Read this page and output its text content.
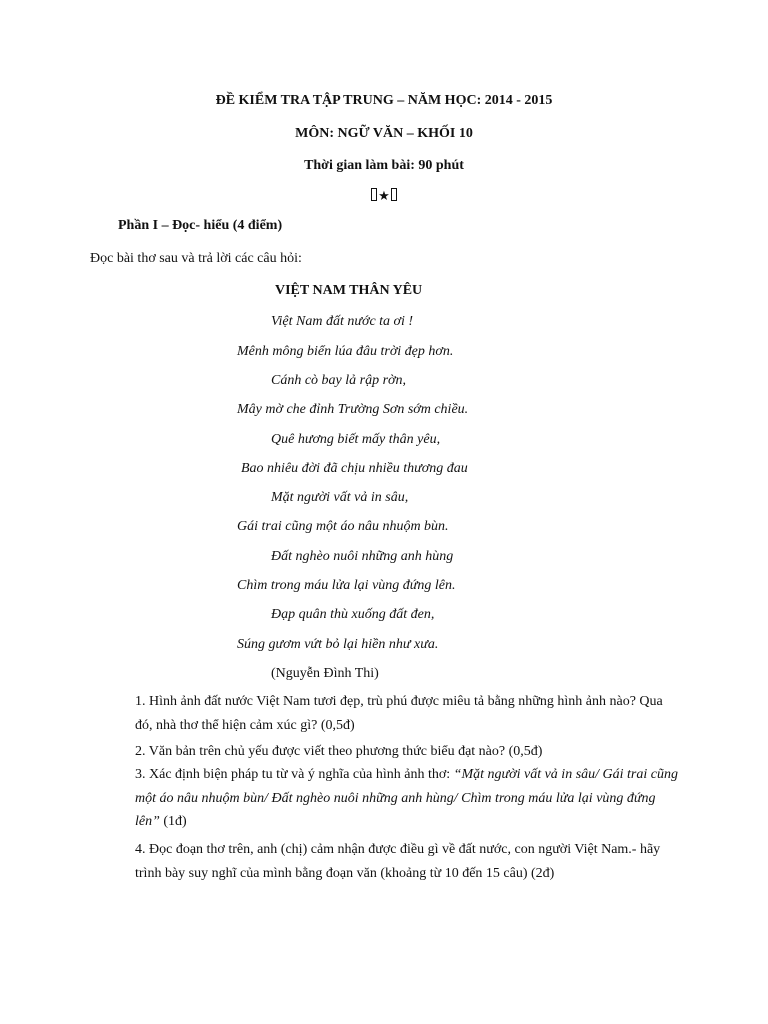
ĐỀ KIỂM TRA TẬP TRUNG – NĂM HỌC: 2014 - 2015
MÔN: NGỮ VĂN – KHỐI 10
Thời gian làm bài: 90 phút
★
Phần I – Đọc- hiểu (4 điểm)
Đọc bài thơ sau và trả lời các câu hỏi:
VIỆT NAM THÂN YÊU
Việt Nam đất nước ta ơi !
Mênh mông biển lúa đâu trời đẹp hơn.
Cánh cò bay lả rập rờn,
Mây mờ che đỉnh Trường Sơn sớm chiều.
Quê hương biết mấy thân yêu,
Bao nhiêu đời đã chịu nhiều thương đau
Mặt người vất vả in sâu,
Gái trai cũng một áo nâu nhuộm bùn.
Đất nghèo nuôi những anh hùng
Chìm trong máu lửa lại vùng đứng lên.
Đạp quân thù xuống đất đen,
Súng gươm vứt bỏ lại hiền như xưa.
(Nguyễn Đình Thi)
1. Hình ảnh đất nước Việt Nam tươi đẹp, trù phú được miêu tả bằng những hình ảnh nào? Qua đó, nhà thơ thể hiện cảm xúc gì? (0,5đ)
2. Văn bản trên chủ yếu được viết theo phương thức biểu đạt nào? (0,5đ)
3. Xác định biện pháp tu từ và ý nghĩa của hình ảnh thơ: “Mặt người vất vả in sâu/ Gái trai cũng một áo nâu nhuộm bùn/ Đất nghèo nuôi những anh hùng/ Chìm trong máu lửa lại vùng đứng lên” (1đ)
4. Đọc đoạn thơ trên, anh (chị) cảm nhận được điều gì về đất nước, con người Việt Nam.- hãy trình bày suy nghĩ của mình bằng đoạn văn (khoảng từ 10 đến 15 câu) (2đ)
